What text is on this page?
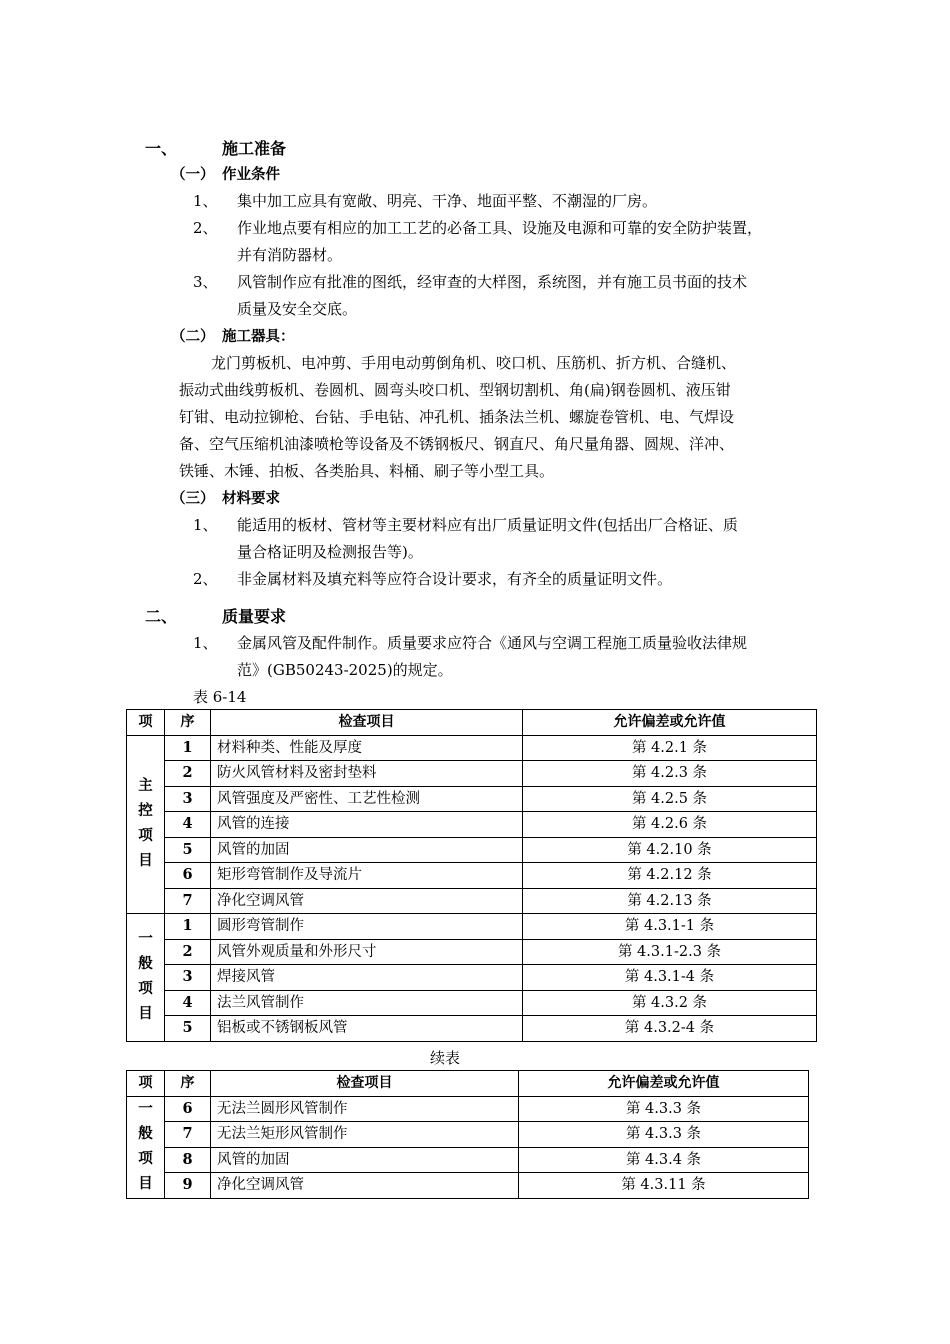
一、	施工准备
（一） 作业条件
1、 集中加工应具有宽敞、明亮、干净、地面平整、不潮湿的厂房。
2、 作业地点要有相应的加工工艺的必备工具、设施及电源和可靠的安全防护装置，
并有消防器材。
3、 风管制作应有批准的图纸，经审查的大样图，系统图，并有施工员书面的技术
质量及安全交底。
（二） 施工器具：
龙门剪板机、电冲剪、手用电动剪倒角机、咬口机、压筋机、折方机、合缝机、
振动式曲线剪板机、卷圆机、圆弯头咬口机、型钢切割机、角(扁)钢卷圆机、液压钳
钉钳、电动拉铆枪、台钻、手电钻、冲孔机、插条法兰机、螺旋卷管机、电、气焊设
备、空气压缩机油漆喷枪等设备及不锈钢板尺、钢直尺、角尺量角器、圆规、洋冲、
铁锤、木锤、拍板、各类胎具、料桶、刷子等小型工具。
（三） 材料要求
1、 能适用的板材、管材等主要材料应有出厂质量证明文件(包括出厂合格证、质
量合格证明及检测报告等)。
2、 非金属材料及填充料等应符合设计要求，有齐全的质量证明文件。
二、	质量要求
1、 金属风管及配件制作。质量要求应符合《通风与空调工程施工质量验收法律规
范》(GB50243-2025)的规定。
表 6-14
项	序	检查项目	允许偏差或允许值
主控项目	1	材料种类、性能及厚度	第 4.2.1 条
	2	防火风管材料及密封垫料	第 4.2.3 条
	3	风管强度及严密性、工艺性检测	第 4.2.5 条
	4	风管的连接	第 4.2.6 条
	5	风管的加固	第 4.2.10 条
	6	矩形弯管制作及导流片	第 4.2.12 条
	7	净化空调风管	第 4.2.13 条
一般项目	1	圆形弯管制作	第 4.3.1-1 条
	2	风管外观质量和外形尺寸	第 4.3.1-2.3 条
	3	焊接风管	第 4.3.1-4 条
	4	法兰风管制作	第 4.3.2 条
	5	铝板或不锈钢板风管	第 4.3.2-4 条
续表
项	序	检查项目	允许偏差或允许值
一般项目	6	无法兰圆形风管制作	第 4.3.3 条
	7	无法兰矩形风管制作	第 4.3.3 条
	8	风管的加固	第 4.3.4 条
	9	净化空调风管	第 4.3.11 条
